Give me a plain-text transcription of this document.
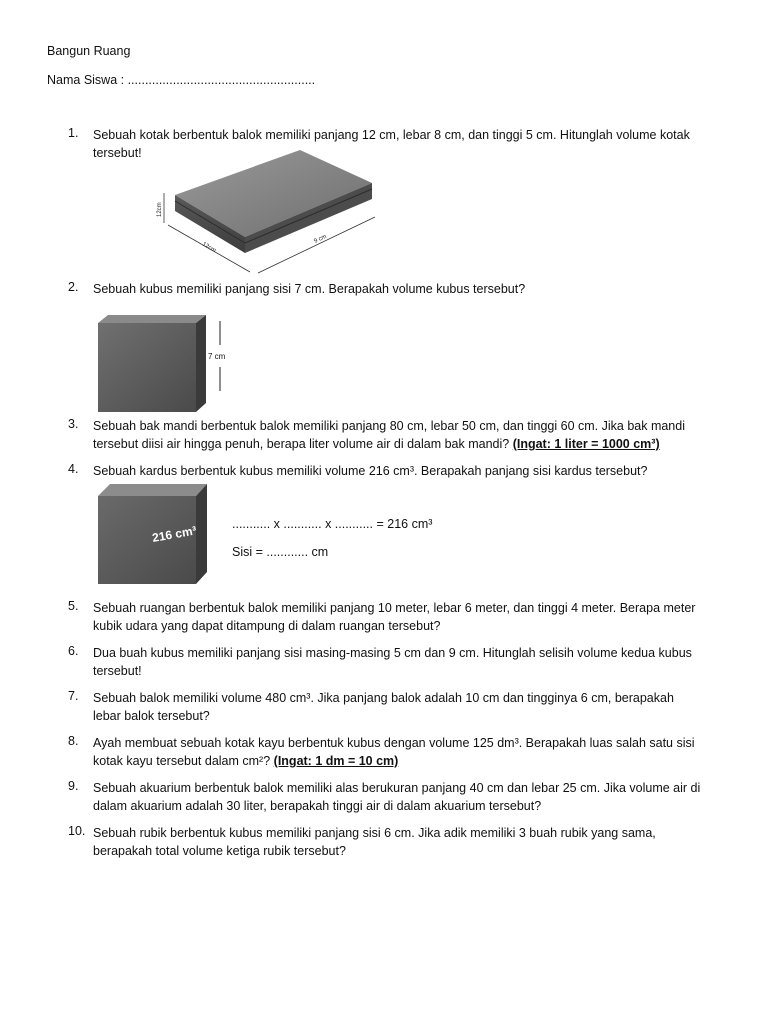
Bangun Ruang
Nama Siswa : ......................................................
1. Sebuah kotak berbentuk balok memiliki panjang 12 cm, lebar 8 cm, dan tinggi 5 cm. Hitunglah volume kotak
tersebut!
12cm
12cm
9 cm
2. Sebuah kubus memiliki panjang sisi 7 cm. Berapakah volume kubus tersebut?
7 cm
3. Sebuah bak mandi berbentuk balok memiliki panjang 80 cm, lebar 50 cm, dan tinggi 60 cm. Jika bak mandi
tersebut diisi air hingga penuh, berapa liter volume air di dalam bak mandi? (Ingat: 1 liter = 1000 cm³)
4. Sebuah kardus berbentuk kubus memiliki volume 216 cm³. Berapakah panjang sisi kardus tersebut?
216 cm³	........... x ........... x ........... = 216 cm³
Sisi = ............ cm
5. Sebuah ruangan berbentuk balok memiliki panjang 10 meter, lebar 6 meter, dan tinggi 4 meter. Berapa meter
kubik udara yang dapat ditampung di dalam ruangan tersebut?
6. Dua buah kubus memiliki panjang sisi masing-masing 5 cm dan 9 cm. Hitunglah selisih volume kedua kubus
tersebut!
7. Sebuah balok memiliki volume 480 cm³. Jika panjang balok adalah 10 cm dan tingginya 6 cm, berapakah
lebar balok tersebut?
8. Ayah membuat sebuah kotak kayu berbentuk kubus dengan volume 125 dm³. Berapakah luas salah satu sisi
kotak kayu tersebut dalam cm²? (Ingat: 1 dm = 10 cm)
9. Sebuah akuarium berbentuk balok memiliki alas berukuran panjang 40 cm dan lebar 25 cm. Jika volume air di
dalam akuarium adalah 30 liter, berapakah tinggi air di dalam akuarium tersebut?
10. Sebuah rubik berbentuk kubus memiliki panjang sisi 6 cm. Jika adik memiliki 3 buah rubik yang sama,
berapakah total volume ketiga rubik tersebut?
